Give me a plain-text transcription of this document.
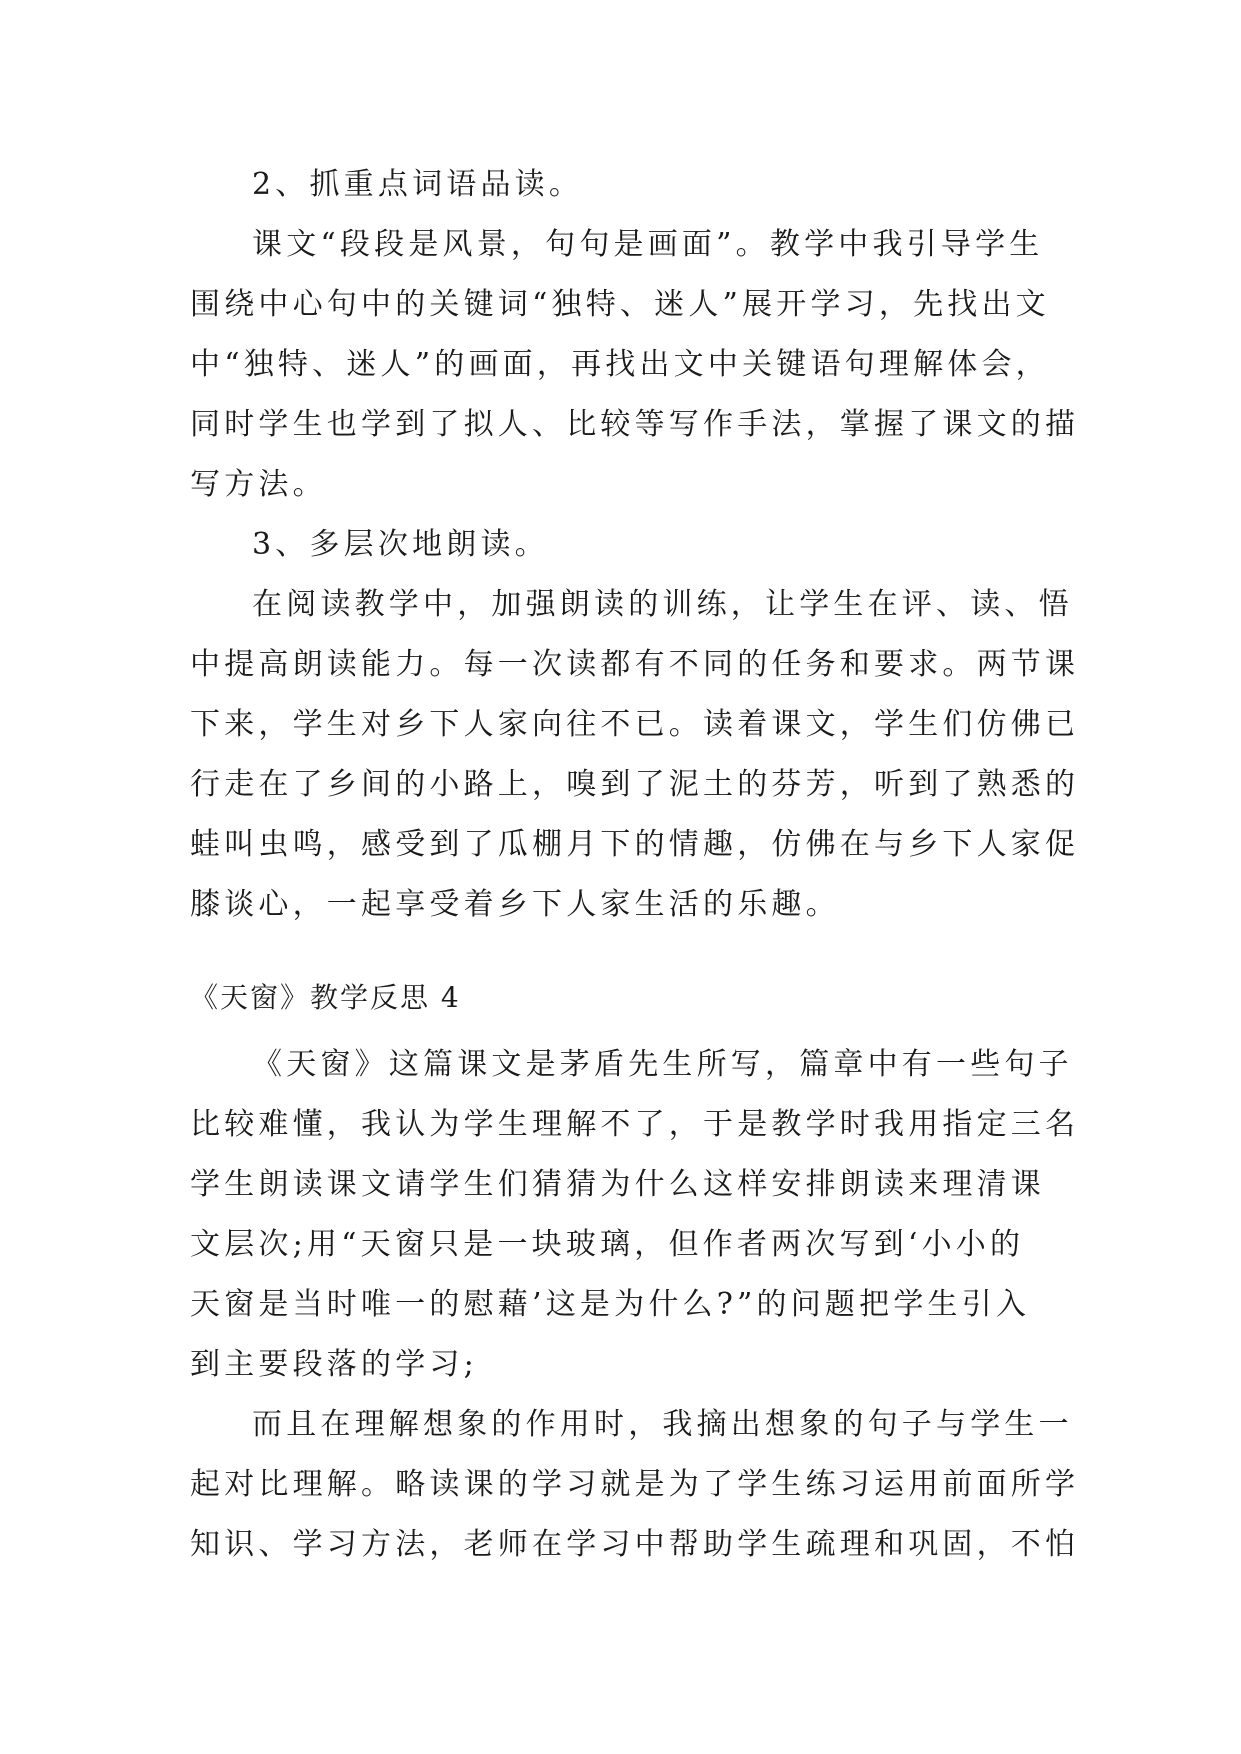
2、抓重点词语品读。
课文“段段是风景，句句是画面”。教学中我引导学生
围绕中心句中的关键词“独特、迷人”展开学习，先找出文
中“独特、迷人”的画面，再找出文中关键语句理解体会，
同时学生也学到了拟人、比较等写作手法，掌握了课文的描
写方法。
3、多层次地朗读。
在阅读教学中，加强朗读的训练，让学生在评、读、悟
中提高朗读能力。每一次读都有不同的任务和要求。两节课
下来，学生对乡下人家向往不已。读着课文，学生们仿佛已
行走在了乡间的小路上，嗅到了泥土的芬芳，听到了熟悉的
蛙叫虫鸣，感受到了瓜棚月下的情趣，仿佛在与乡下人家促
膝谈心，一起享受着乡下人家生活的乐趣。
《天窗》教学反思 4
《天窗》这篇课文是茅盾先生所写，篇章中有一些句子
比较难懂，我认为学生理解不了，于是教学时我用指定三名
学生朗读课文请学生们猜猜为什么这样安排朗读来理清课
文层次;用“天窗只是一块玻璃，但作者两次写到‘小小的
天窗是当时唯一的慰藉’这是为什么?”的问题把学生引入
到主要段落的学习;
而且在理解想象的作用时，我摘出想象的句子与学生一
起对比理解。略读课的学习就是为了学生练习运用前面所学
知识、学习方法，老师在学习中帮助学生疏理和巩固，不怕
